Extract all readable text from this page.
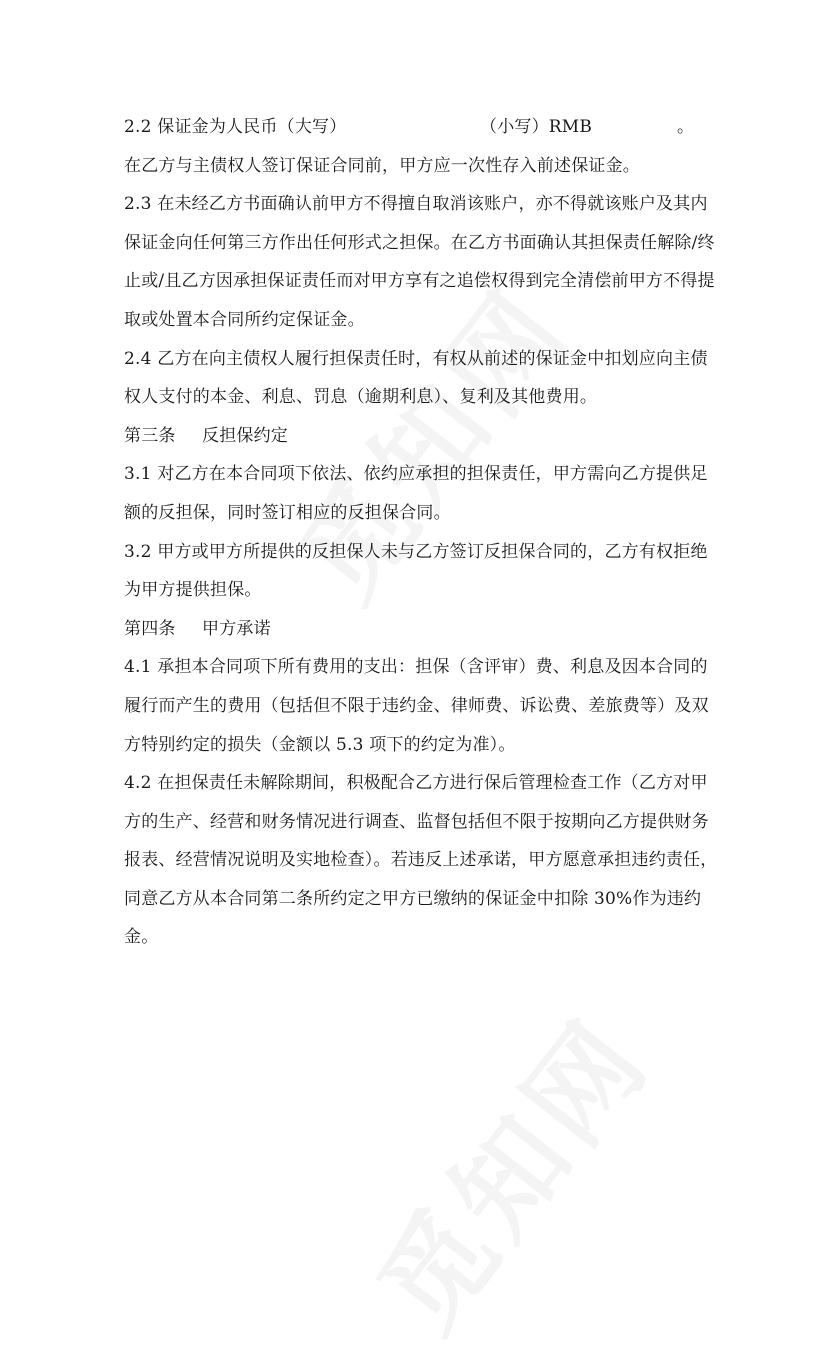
2.2 保证金为人民币（大写）	（小写）RMB	。
在乙方与主债权人签订保证合同前，甲方应一次性存入前述保证金。
2.3 在未经乙方书面确认前甲方不得擅自取消该账户，亦不得就该账户及其内
保证金向任何第三方作出任何形式之担保。在乙方书面确认其担保责任解除/终
止或/且乙方因承担保证责任而对甲方享有之追偿权得到完全清偿前甲方不得提
取或处置本合同所约定保证金。
2.4 乙方在向主债权人履行担保责任时，有权从前述的保证金中扣划应向主债
权人支付的本金、利息、罚息（逾期利息）、复利及其他费用。
第三条 反担保约定
3.1 对乙方在本合同项下依法、依约应承担的担保责任，甲方需向乙方提供足
额的反担保，同时签订相应的反担保合同。
3.2 甲方或甲方所提供的反担保人未与乙方签订反担保合同的，乙方有权拒绝
为甲方提供担保。
第四条 甲方承诺
4.1 承担本合同项下所有费用的支出：担保（含评审）费、利息及因本合同的
履行而产生的费用（包括但不限于违约金、律师费、诉讼费、差旅费等）及双
方特别约定的损失（金额以 5.3 项下的约定为准）。
4.2 在担保责任未解除期间，积极配合乙方进行保后管理检查工作（乙方对甲
方的生产、经营和财务情况进行调查、监督包括但不限于按期向乙方提供财务
报表、经营情况说明及实地检查）。若违反上述承诺，甲方愿意承担违约责任，
同意乙方从本合同第二条所约定之甲方已缴纳的保证金中扣除 30%作为违约
金。
